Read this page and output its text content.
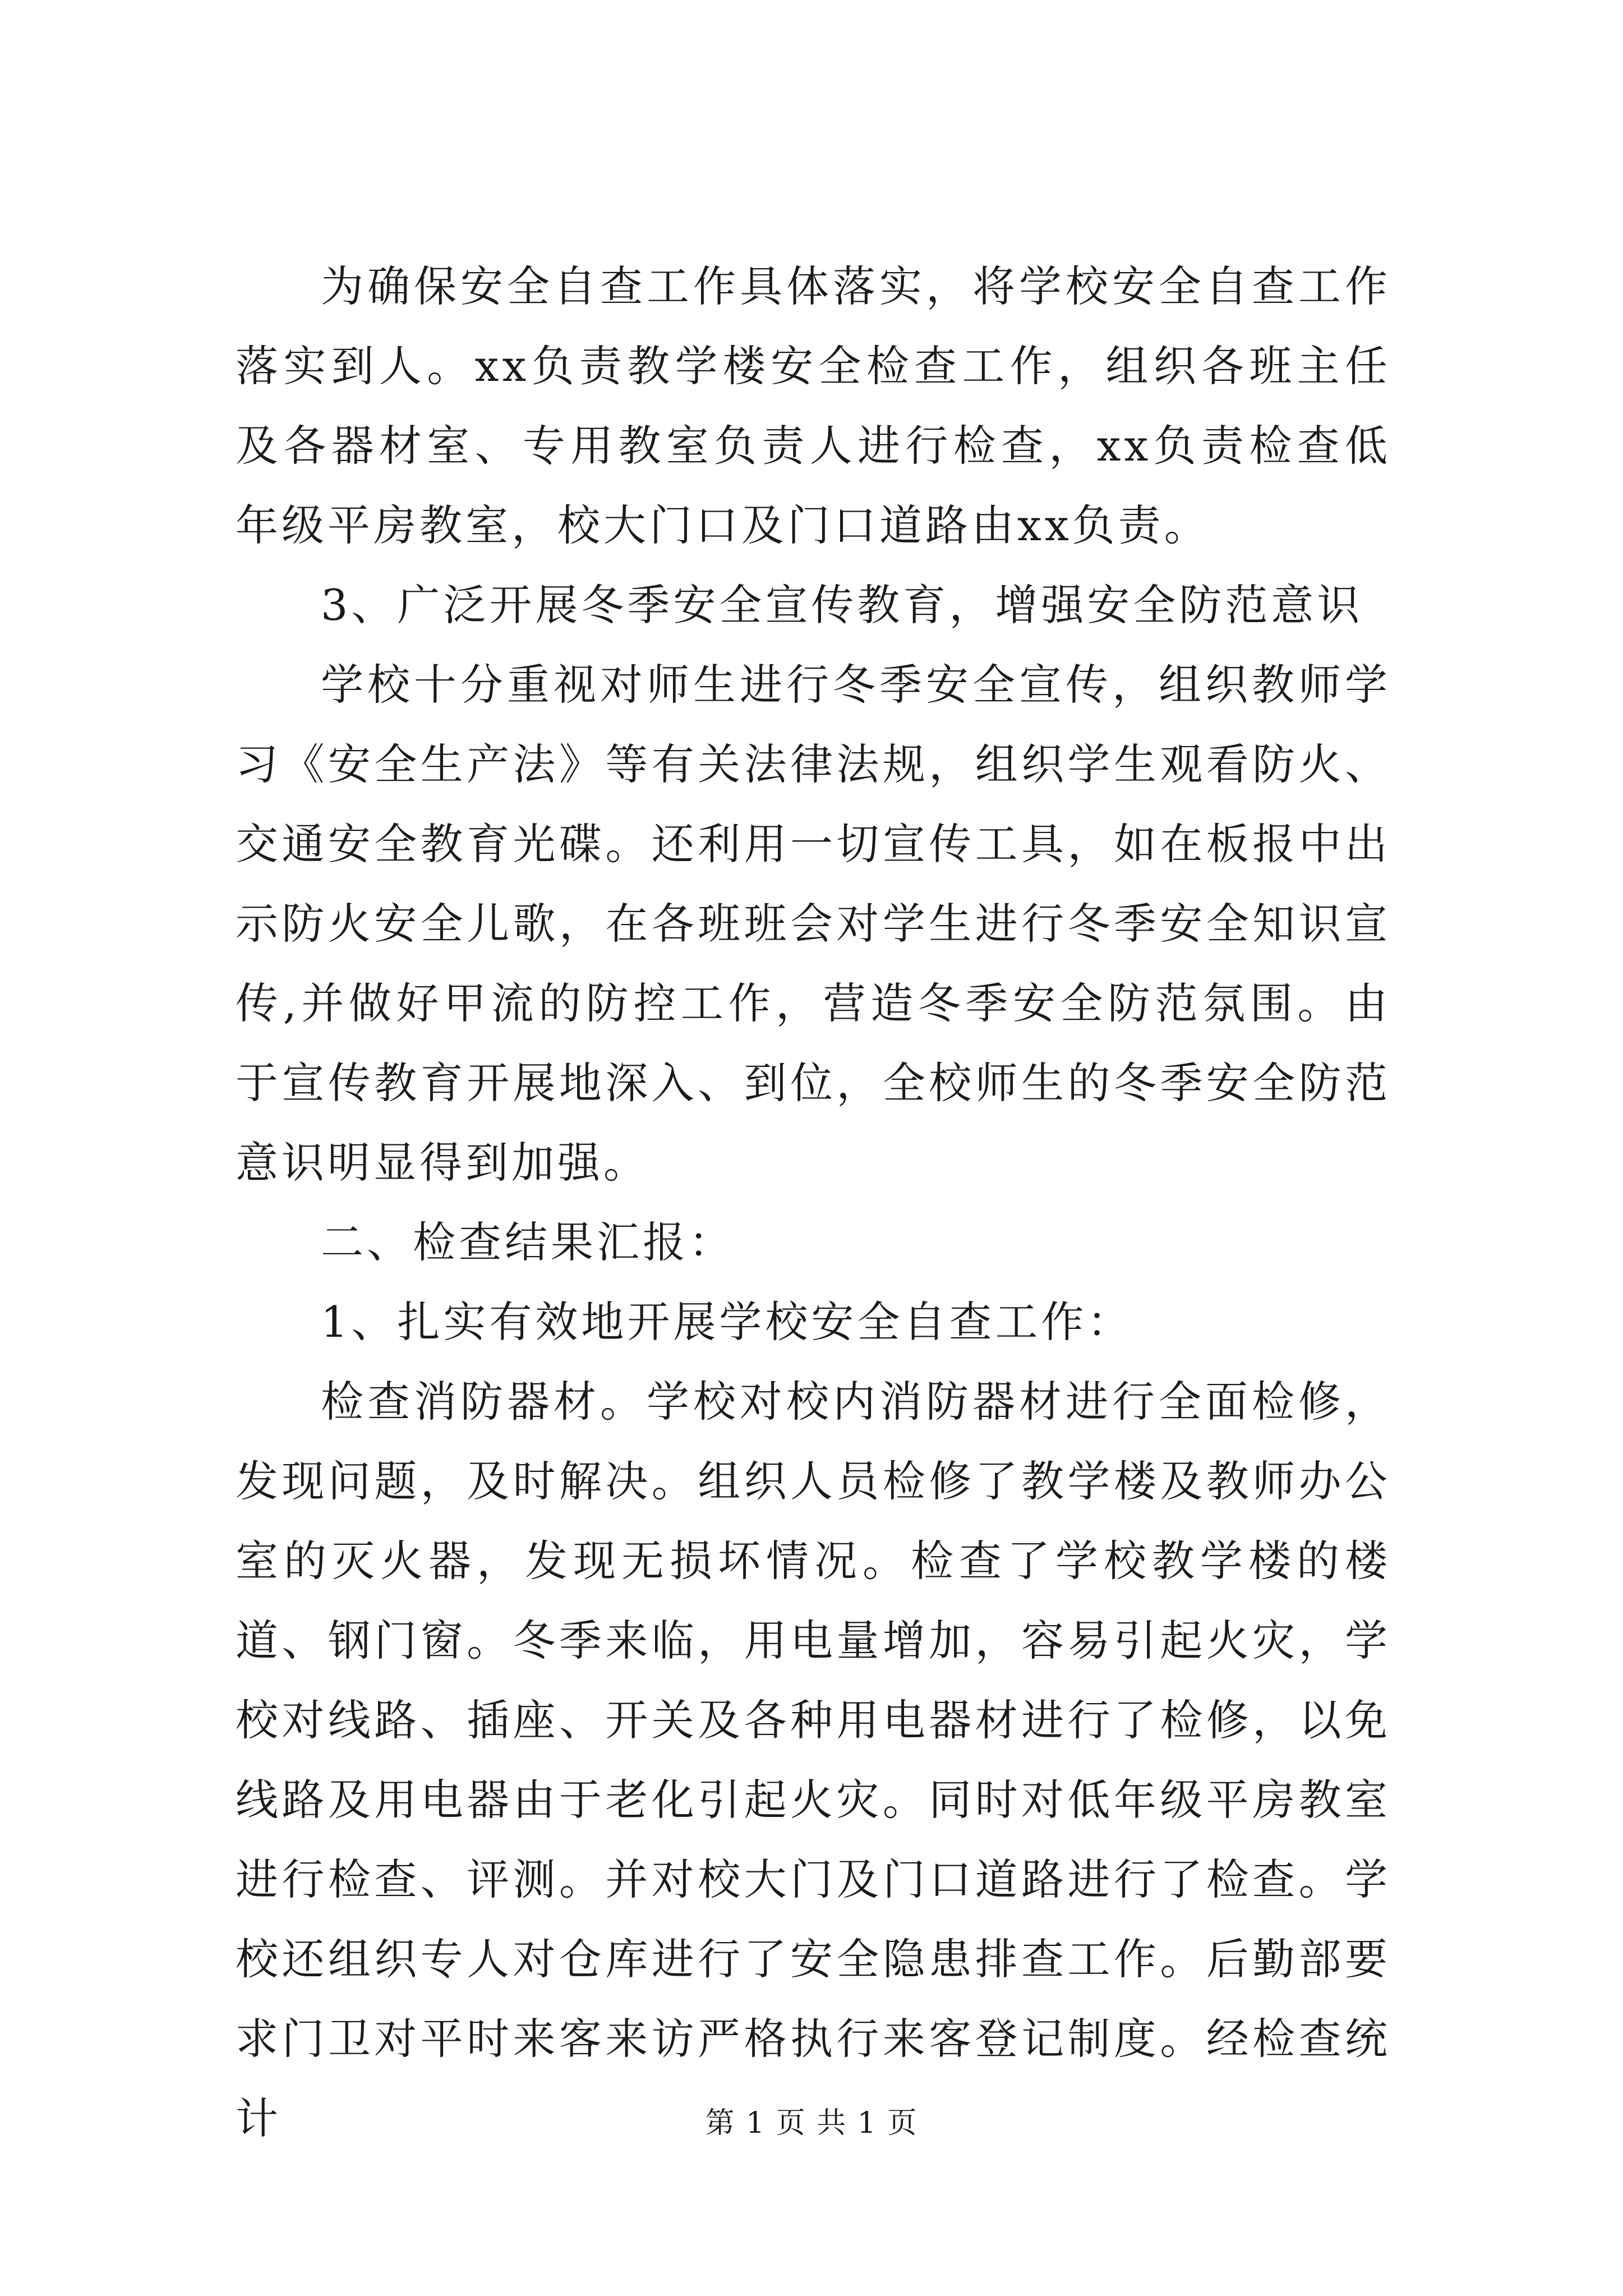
为确保安全自查工作具体落实，将学校安全自查工作落实到人。xx负责教学楼安全检查工作，组织各班主任及各器材室、专用教室负责人进行检查，xx负责检查低年级平房教室，校大门口及门口道路由xx负责。

3、广泛开展冬季安全宣传教育，增强安全防范意识

学校十分重视对师生进行冬季安全宣传，组织教师学习《安全生产法》等有关法律法规，组织学生观看防火、交通安全教育光碟。还利用一切宣传工具，如在板报中出示防火安全儿歌，在各班班会对学生进行冬季安全知识宣传,并做好甲流的防控工作，营造冬季安全防范氛围。由于宣传教育开展地深入、到位，全校师生的冬季安全防范意识明显得到加强。

二、检查结果汇报：

1、扎实有效地开展学校安全自查工作：

检查消防器材。学校对校内消防器材进行全面检修，发现问题，及时解决。组织人员检修了教学楼及教师办公室的灭火器，发现无损坏情况。检查了学校教学楼的楼道、钢门窗。冬季来临，用电量增加，容易引起火灾，学校对线路、插座、开关及各种用电器材进行了检修，以免线路及用电器由于老化引起火灾。同时对低年级平房教室进行检查、评测。并对校大门及门口道路进行了检查。学校还组织专人对仓库进行了安全隐患排查工作。后勤部要求门卫对平时来客来访严格执行来客登记制度。经检查统计	第 1 页 共 1 页
